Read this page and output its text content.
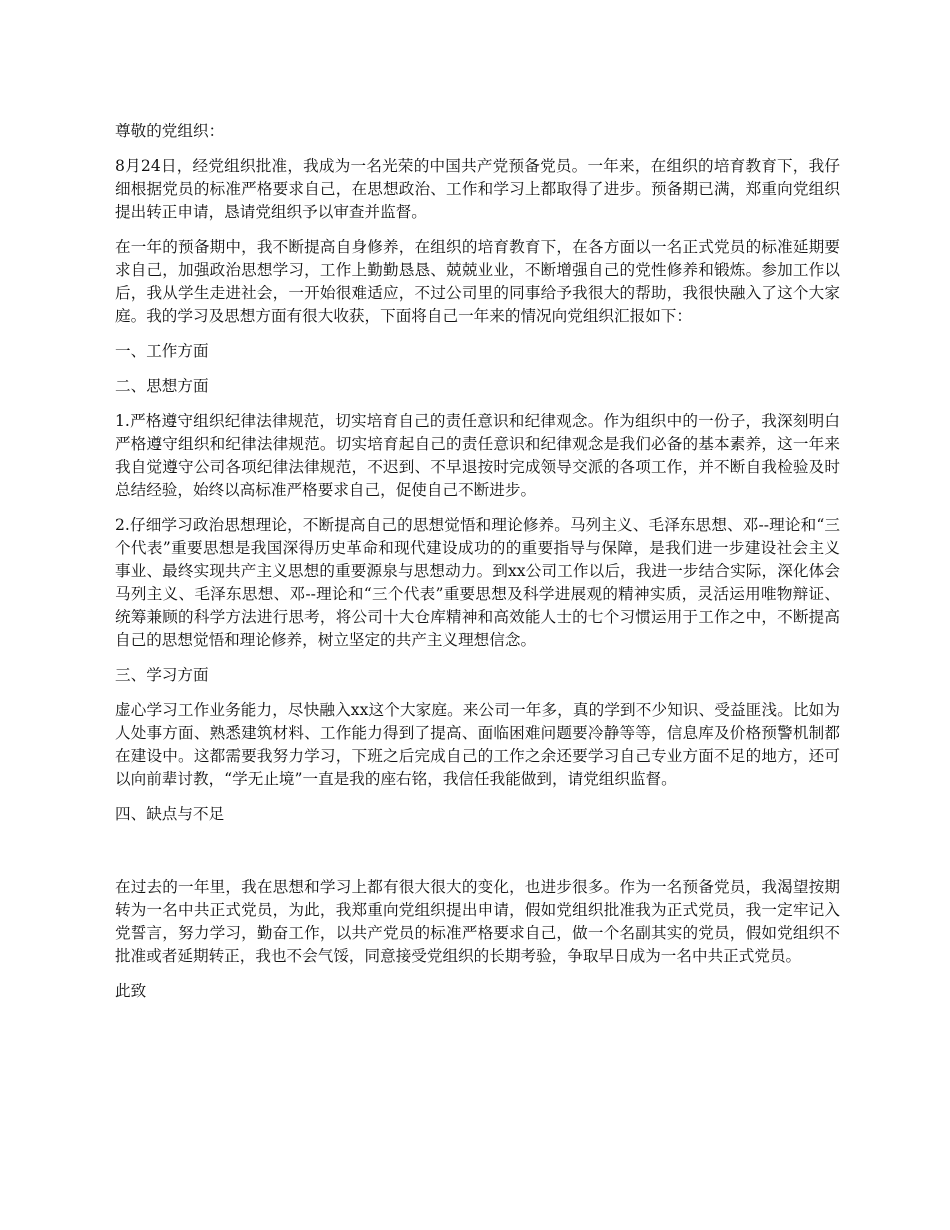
尊敬的党组织：

8月24日，经党组织批准，我成为一名光荣的中国共产党预备党员。一年来，在组织的培育教育下，我仔细根据党员的标准严格要求自己，在思想政治、工作和学习上都取得了进步。预备期已满，郑重向党组织提出转正申请，恳请党组织予以审查并监督。

在一年的预备期中，我不断提高自身修养，在组织的培育教育下，在各方面以一名正式党员的标准延期要求自己，加强政治思想学习，工作上勤勤恳恳、兢兢业业，不断增强自己的党性修养和锻炼。参加工作以后，我从学生走进社会，一开始很难适应，不过公司里的同事给予我很大的帮助，我很快融入了这个大家庭。我的学习及思想方面有很大收获，下面将自己一年来的情况向党组织汇报如下：

一、工作方面

二、思想方面

1.严格遵守组织纪律法律规范，切实培育自己的责任意识和纪律观念。作为组织中的一份子，我深刻明白严格遵守组织和纪律法律规范。切实培育起自己的责任意识和纪律观念是我们必备的基本素养，这一年来我自觉遵守公司各项纪律法律规范，不迟到、不早退按时完成领导交派的各项工作，并不断自我检验及时总结经验，始终以高标准严格要求自己，促使自己不断进步。

2.仔细学习政治思想理论，不断提高自己的思想觉悟和理论修养。马列主义、毛泽东思想、邓--理论和“三个代表”重要思想是我国深得历史革命和现代建设成功的的重要指导与保障，是我们进一步建设社会主义事业、最终实现共产主义思想的重要源泉与思想动力。到xx公司工作以后，我进一步结合实际，深化体会马列主义、毛泽东思想、邓--理论和“三个代表”重要思想及科学进展观的精神实质，灵活运用唯物辩证、统筹兼顾的科学方法进行思考，将公司十大仓库精神和高效能人士的七个习惯运用于工作之中，不断提高自己的思想觉悟和理论修养，树立坚定的共产主义理想信念。

三、学习方面

虚心学习工作业务能力，尽快融入xx这个大家庭。来公司一年多，真的学到不少知识、受益匪浅。比如为人处事方面、熟悉建筑材料、工作能力得到了提高、面临困难问题要冷静等等，信息库及价格预警机制都在建设中。这都需要我努力学习，下班之后完成自己的工作之余还要学习自己专业方面不足的地方，还可以向前辈讨教，“学无止境”一直是我的座右铭，我信任我能做到，请党组织监督。

四、缺点与不足

在过去的一年里，我在思想和学习上都有很大很大的变化，也进步很多。作为一名预备党员，我渴望按期转为一名中共正式党员，为此，我郑重向党组织提出申请，假如党组织批准我为正式党员，我一定牢记入党誓言，努力学习，勤奋工作，以共产党员的标准严格要求自己，做一个名副其实的党员，假如党组织不批准或者延期转正，我也不会气馁，同意接受党组织的长期考验，争取早日成为一名中共正式党员。

此致
